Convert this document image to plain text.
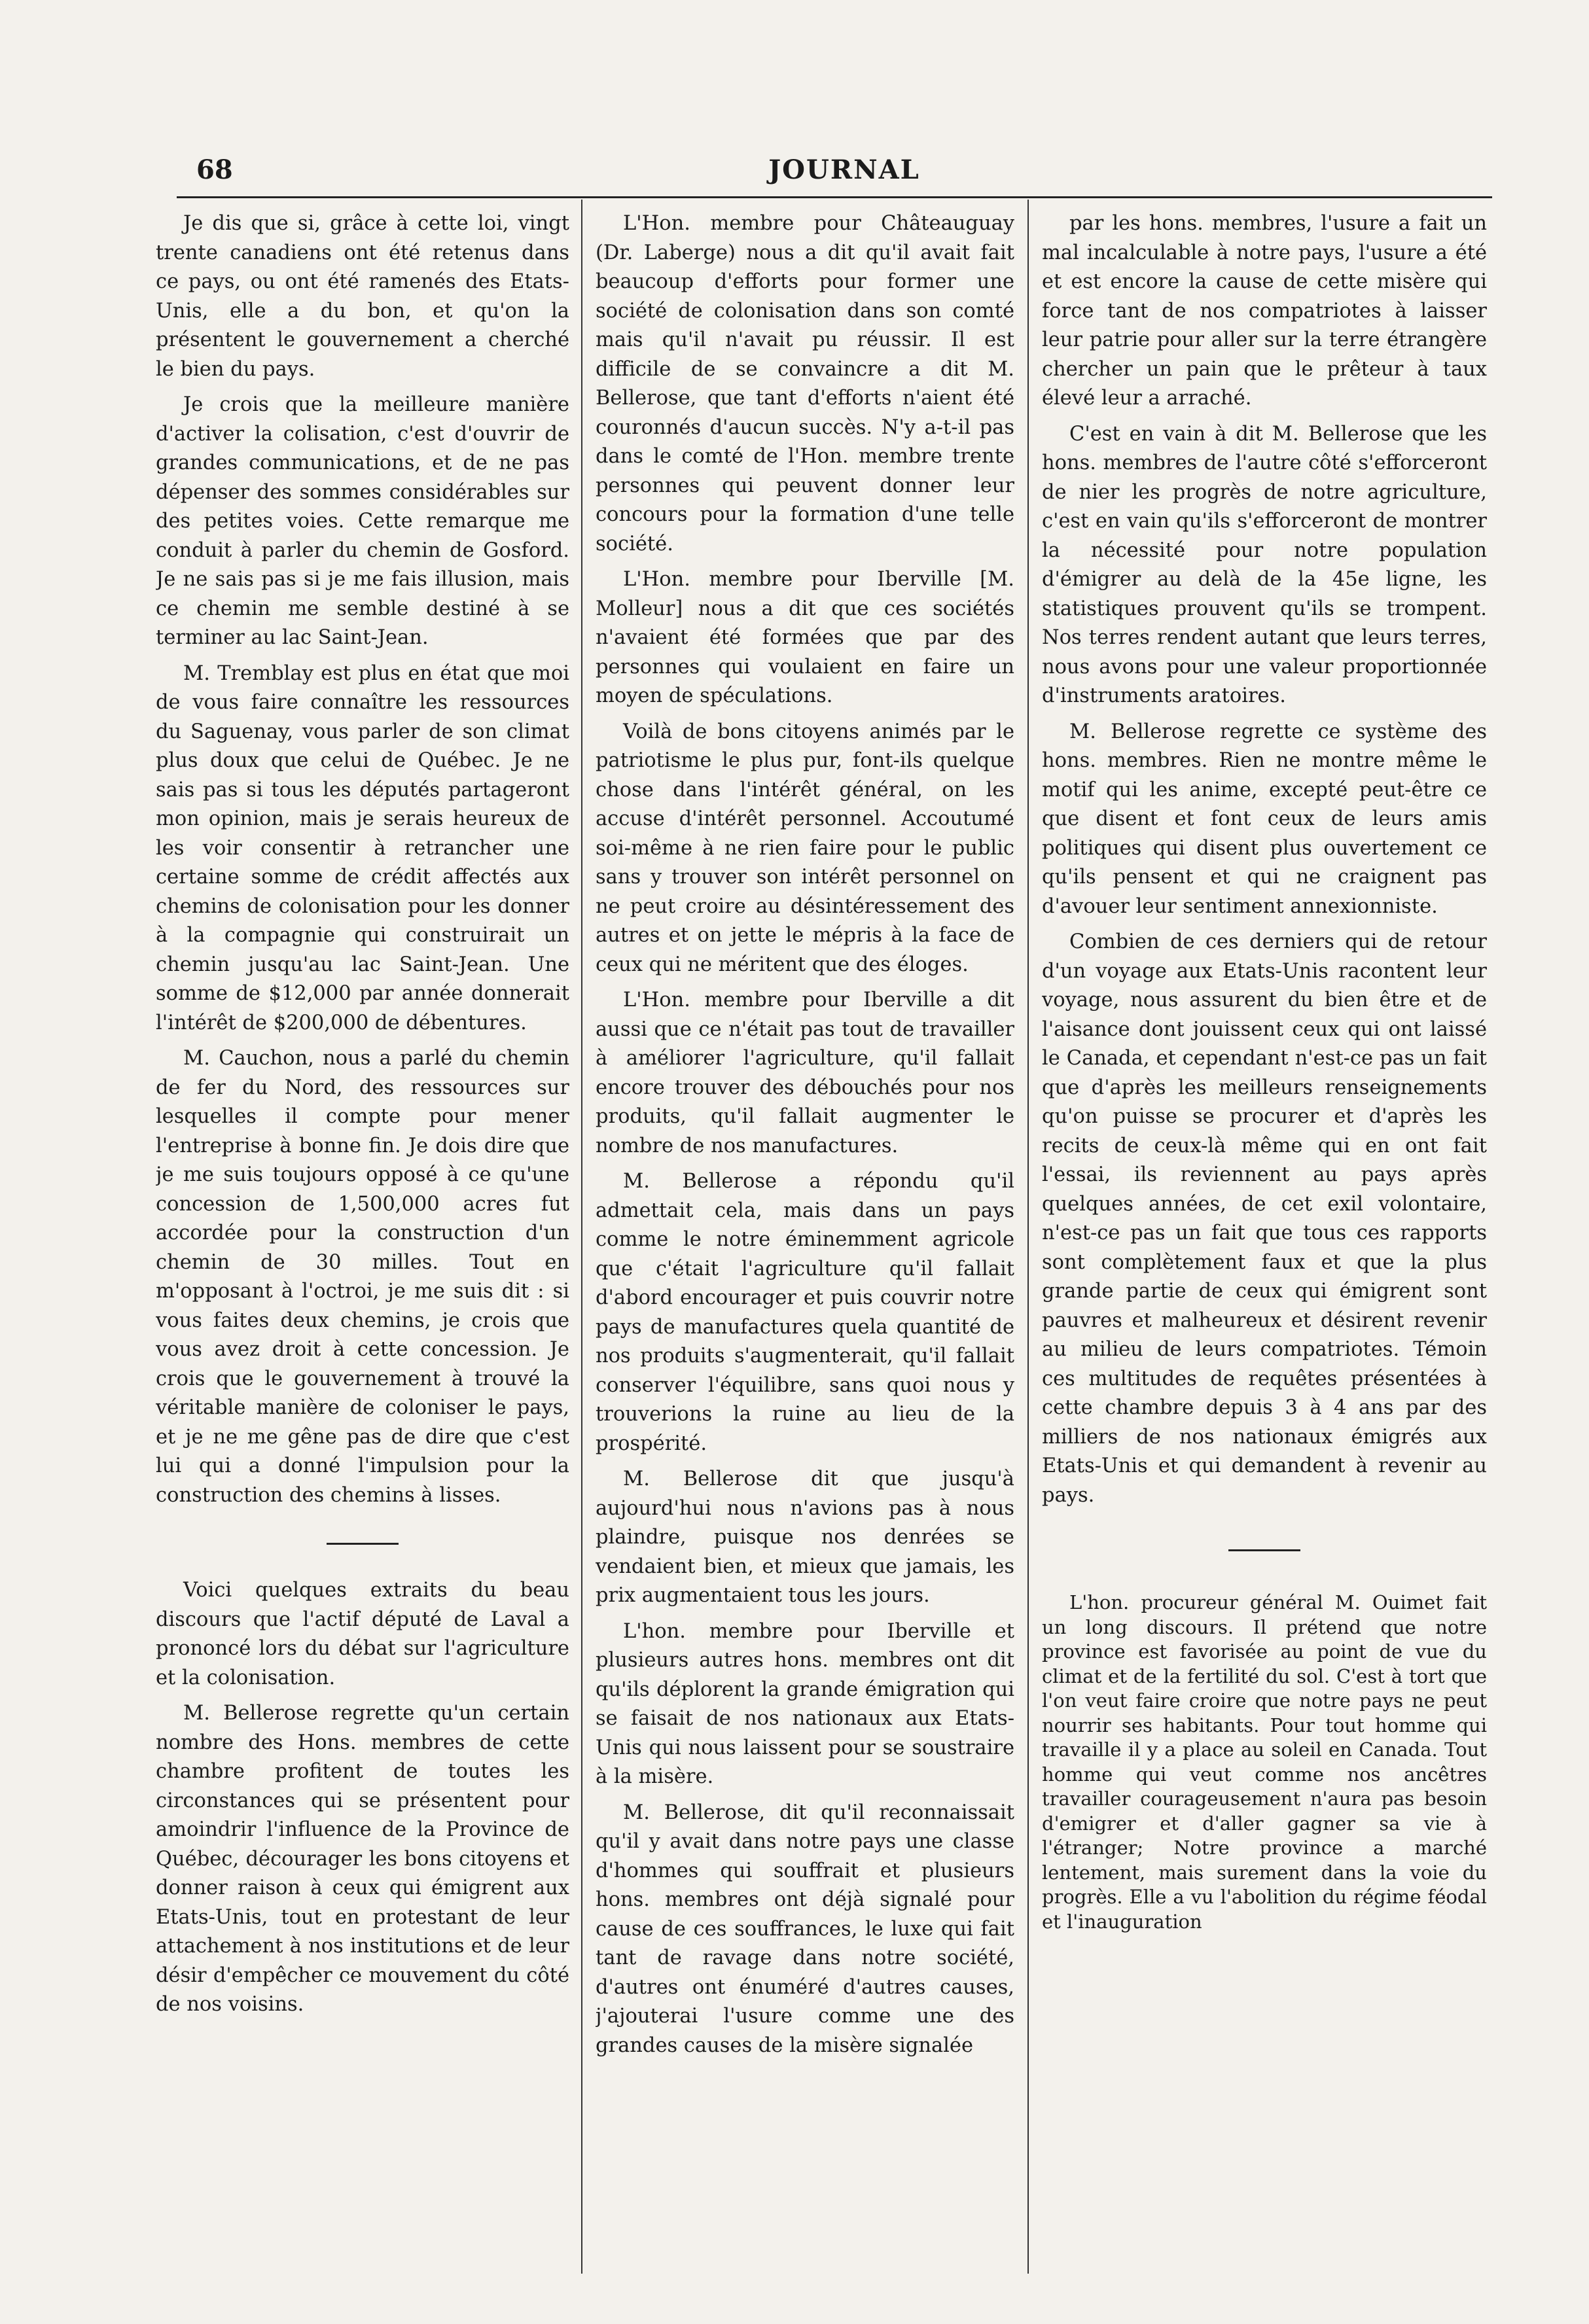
68	JOURNAL

Je dis que si, grâce à cette loi, vingt trente canadiens ont été retenus dans ce pays, ou ont été ramenés des Etats-Unis, elle a du bon, et qu'on la présentent le gouvernement a cherché le bien du pays.

Je crois que la meilleure manière d'activer la colisation, c'est d'ouvrir de grandes communications, et de ne pas dépenser des sommes considérables sur des petites voies. Cette remarque me conduit à parler du chemin de Gosford. Je ne sais pas si je me fais illusion, mais ce chemin me semble destiné à se terminer au lac Saint-Jean.

M. Tremblay est plus en état que moi de vous faire connaître les ressources du Saguenay, vous parler de son climat plus doux que celui de Québec. Je ne sais pas si tous les députés partageront mon opinion, mais je serais heureux de les voir consentir à retrancher une certaine somme de crédit affectés aux chemins de colonisation pour les donner à la compagnie qui construirait un chemin jusqu'au lac Saint-Jean. Une somme de $12,000 par année donnerait l'intérêt de $200,000 de débentures.

M. Cauchon, nous a parlé du chemin de fer du Nord, des ressources sur lesquelles il compte pour mener l'entreprise à bonne fin. Je dois dire que je me suis toujours opposé à ce qu'une concession de 1,500,000 acres fut accordée pour la construction d'un chemin de 30 milles. Tout en m'opposant à l'octroi, je me suis dit : si vous faites deux chemins, je crois que vous avez droit à cette concession. Je crois que le gouvernement à trouvé la véritable manière de coloniser le pays, et je ne me gêne pas de dire que c'est lui qui a donné l'impulsion pour la construction des chemins à lisses.

Voici quelques extraits du beau discours que l'actif député de Laval a prononcé lors du débat sur l'agriculture et la colonisation.

M. Bellerose regrette qu'un certain nombre des Hons. membres de cette chambre profitent de toutes les circonstances qui se présentent pour amoindrir l'influence de la Province de Québec, décourager les bons citoyens et donner raison à ceux qui émigrent aux Etats-Unis, tout en protestant de leur attachement à nos institutions et de leur désir d'empêcher ce mouvement du côté de nos voisins.

L'Hon. membre pour Châteauguay (Dr. Laberge) nous a dit qu'il avait fait beaucoup d'efforts pour former une société de colonisation dans son comté mais qu'il n'avait pu réussir. Il est difficile de se convaincre a dit M. Bellerose, que tant d'efforts n'aient été couronnés d'aucun succès. N'y a-t-il pas dans le comté de l'Hon. membre trente personnes qui peuvent donner leur concours pour la formation d'une telle société.

L'Hon. membre pour Iberville [M. Molleur] nous a dit que ces sociétés n'avaient été formées que par des personnes qui voulaient en faire un moyen de spéculations.

Voilà de bons citoyens animés par le patriotisme le plus pur, font-ils quelque chose dans l'intérêt général, on les accuse d'intérêt personnel. Accoutumé soi-même à ne rien faire pour le public sans y trouver son intérêt personnel on ne peut croire au désintéressement des autres et on jette le mépris à la face de ceux qui ne méritent que des éloges.

L'Hon. membre pour Iberville a dit aussi que ce n'était pas tout de travailler à améliorer l'agriculture, qu'il fallait encore trouver des débouchés pour nos produits, qu'il fallait augmenter le nombre de nos manufactures.

M. Bellerose a répondu qu'il admettait cela, mais dans un pays comme le notre éminemment agricole que c'était l'agriculture qu'il fallait d'abord encourager et puis couvrir notre pays de manufactures quela quantité de nos produits s'augmenterait, qu'il fallait conserver l'équilibre, sans quoi nous y trouverions la ruine au lieu de la prospérité.

M. Bellerose dit que jusqu'à aujourd'hui nous n'avions pas à nous plaindre, puisque nos denrées se vendaient bien, et mieux que jamais, les prix augmentaient tous les jours.

L'hon. membre pour Iberville et plusieurs autres hons. membres ont dit qu'ils déplorent la grande émigration qui se faisait de nos nationaux aux Etats-Unis qui nous laissent pour se soustraire à la misère.

M. Bellerose, dit qu'il reconnaissait qu'il y avait dans notre pays une classe d'hommes qui souffrait et plusieurs hons. membres ont déjà signalé pour cause de ces souffrances, le luxe qui fait tant de ravage dans notre société, d'autres ont énuméré d'autres causes, j'ajouterai l'usure comme une des grandes causes de la misère signalée

par les hons. membres, l'usure a fait un mal incalculable à notre pays, l'usure a été et est encore la cause de cette misère qui force tant de nos compatriotes à laisser leur patrie pour aller sur la terre étrangère chercher un pain que le prêteur à taux élevé leur a arraché.

C'est en vain à dit M. Bellerose que les hons. membres de l'autre côté s'efforceront de nier les progrès de notre agriculture, c'est en vain qu'ils s'efforceront de montrer la nécessité pour notre population d'émigrer au delà de la 45e ligne, les statistiques prouvent qu'ils se trompent. Nos terres rendent autant que leurs terres, nous avons pour une valeur proportionnée d'instruments aratoires.

M. Bellerose regrette ce système des hons. membres. Rien ne montre même le motif qui les anime, excepté peut-être ce que disent et font ceux de leurs amis politiques qui disent plus ouvertement ce qu'ils pensent et qui ne craignent pas d'avouer leur sentiment annexionniste.

Combien de ces derniers qui de retour d'un voyage aux Etats-Unis racontent leur voyage, nous assurent du bien être et de l'aisance dont jouissent ceux qui ont laissé le Canada, et cependant n'est-ce pas un fait que d'après les meilleurs renseignements qu'on puisse se procurer et d'après les recits de ceux-là même qui en ont fait l'essai, ils reviennent au pays après quelques années, de cet exil volontaire, n'est-ce pas un fait que tous ces rapports sont complètement faux et que la plus grande partie de ceux qui émigrent sont pauvres et malheureux et désirent revenir au milieu de leurs compatriotes. Témoin ces multitudes de requêtes présentées à cette chambre depuis 3 à 4 ans par des milliers de nos nationaux émigrés aux Etats-Unis et qui demandent à revenir au pays.

L'hon. procureur général M. Ouimet fait un long discours. Il prétend que notre province est favorisée au point de vue du climat et de la fertilité du sol. C'est à tort que l'on veut faire croire que notre pays ne peut nourrir ses habitants. Pour tout homme qui travaille il y a place au soleil en Canada. Tout homme qui veut comme nos ancêtres travailler courageusement n'aura pas besoin d'emigrer et d'aller gagner sa vie à l'étranger; Notre province a marché lentement, mais surement dans la voie du progrès. Elle a vu l'abolition du régime féodal et l'inauguration
